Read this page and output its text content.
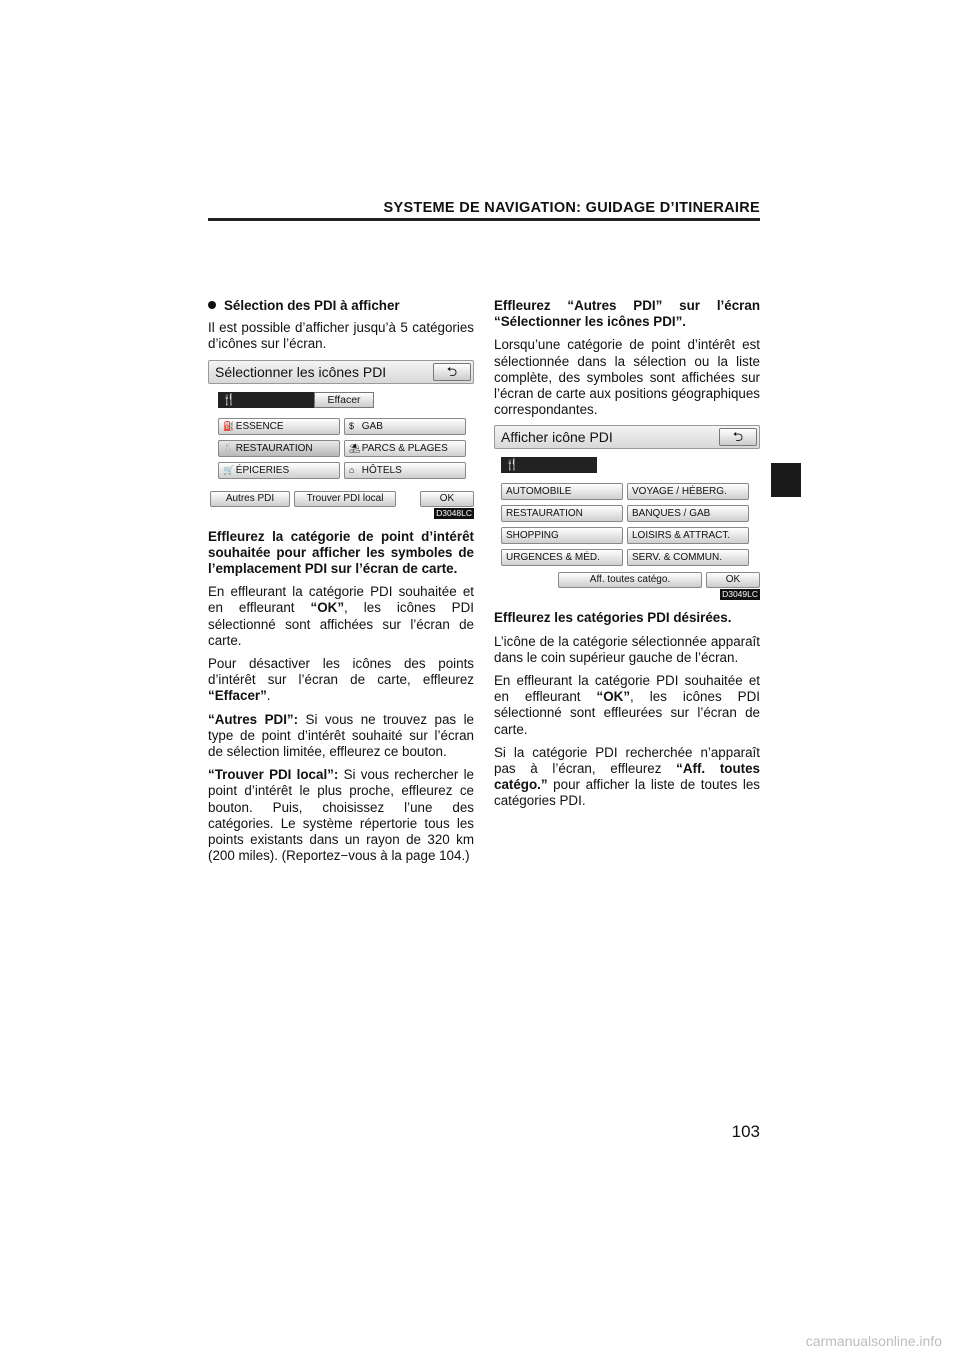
SYSTEME DE NAVIGATION: GUIDAGE D’ITINERAIRE
Sélection des PDI à afficher

Il est possible d’afficher jusqu’à 5 catégories d’icônes sur l’écran.

Sélectionner les icônes PDI	⮌
🍴	Effacer
⛽ ESSENCE	$ GAB
🍴 RESTAURATION	⛱ PARCS & PLAGES
🛒 ÉPICERIES	⌂ HÔTELS
Autres PDI	Trouver PDI local	OK
D3048LC

Effleurez la catégorie de point d’intérêt souhaitée pour afficher les symboles de l’emplacement PDI sur l’écran de carte.

En effleurant la catégorie PDI souhaitée et en effleurant “OK”, les icônes PDI sélectionné sont affichées sur l’écran de carte.

Pour désactiver les icônes des points d’intérêt sur l’écran de carte, effleurez “Effacer”.

“Autres PDI”: Si vous ne trouvez pas le type de point d’intérêt souhaité sur l’écran de sélection limitée, effleurez ce bouton.

“Trouver PDI local”: Si vous rechercher le point d’intérêt le plus proche, effleurez ce bouton. Puis, choisissez l’une des catégories. Le système répertorie tous les points existants dans un rayon de 320 km (200 miles). (Reportez−vous à la page 104.)

Effleurez “Autres PDI” sur l’écran “Sélectionner les icônes PDI”.

Lorsqu’une catégorie de point d’intérêt est sélectionnée dans la sélection ou la liste complète, des symboles sont affichées sur l’écran de carte aux positions géographiques correspondantes.

Afficher icône PDI	⮌
🍴
AUTOMOBILE	VOYAGE / HÉBERG.
RESTAURATION	BANQUES / GAB
SHOPPING	LOISIRS & ATTRACT.
URGENCES & MÉD.	SERV. & COMMUN.
Aff. toutes catégo.	OK
D3049LC

Effleurez les catégories PDI désirées.

L’icône de la catégorie sélectionnée apparaît dans le coin supérieur gauche de l’écran.

En effleurant la catégorie PDI souhaitée et en effleurant “OK”, les icônes PDI sélectionné sont effleurées sur l’écran de carte.

Si la catégorie PDI recherchée n’apparaît pas à l’écran, effleurez “Aff. toutes catégo.” pour afficher la liste de toutes les catégories PDI.

103
carmanualsonline.info
